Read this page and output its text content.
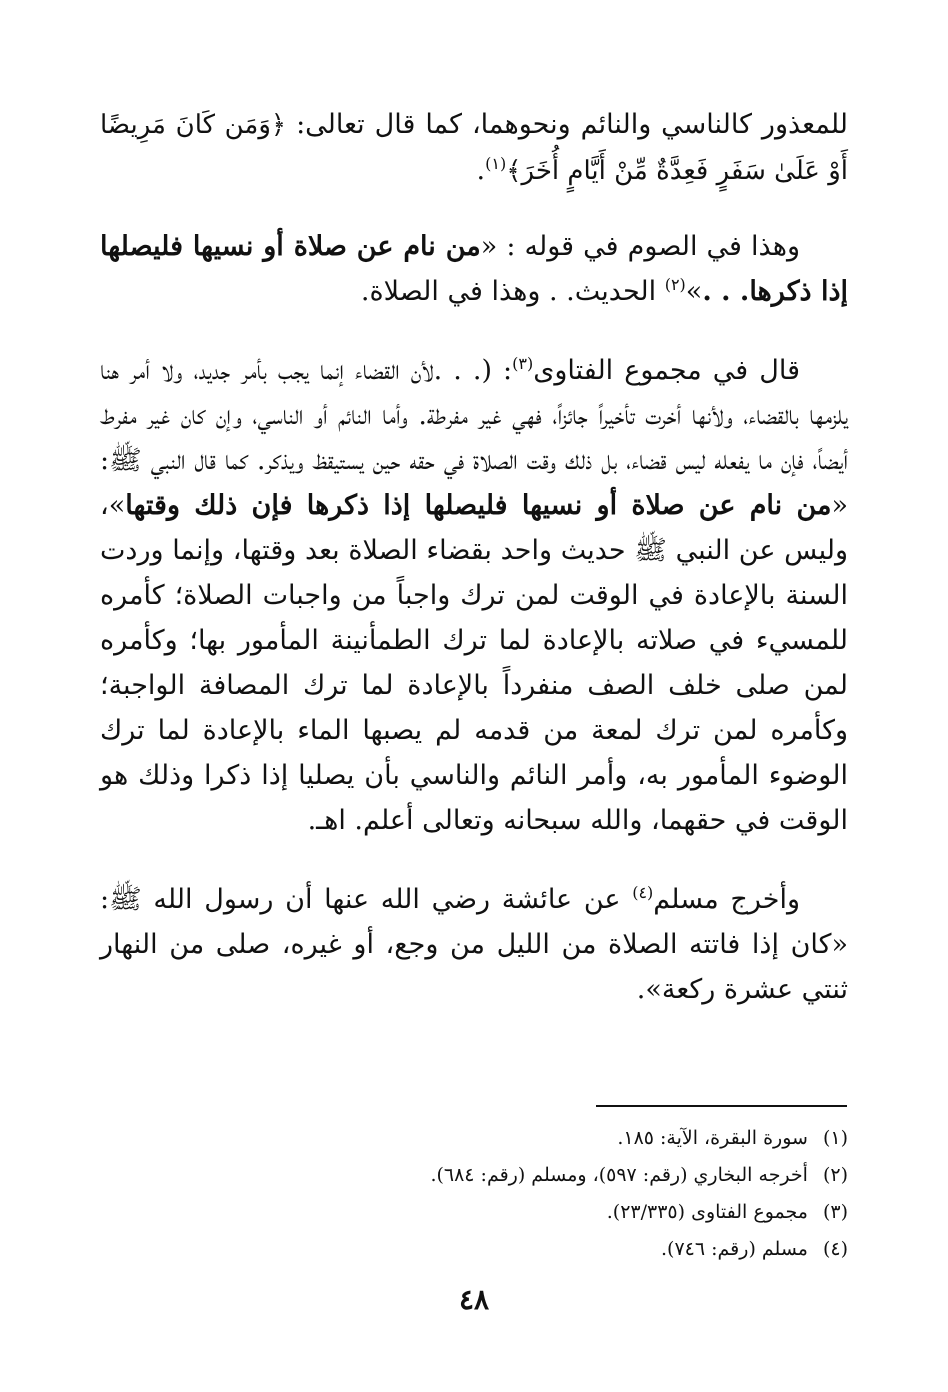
للمعذور كالناسي والنائم ونحوهما، كما قال تعالى: ﴿وَمَن كَانَ مَرِيضًا أَوْ عَلَىٰ سَفَرٍ فَعِدَّةٌ مِّنْ أَيَّامٍ أُخَرَ﴾$^{(١)}$.

وهذا في الصوم في قوله : «من نام عن صلاة أو نسيها فليصلها إذا ذكرها. . .»$^{(٢)}$ الحديث. . وهذا في الصلاة.

قال في مجموع الفتاوى$^{(٣)}$: (. . .لأن القضاء إنما يجب بأمر جديد، ولا أمر هنا يلزمها بالقضاء، ولأنها أخرت تأخيراً جائزاً، فهي غير مفرطة. وأما النائم أو الناسي، وإن كان غير مفرط أيضاً، فإن ما يفعله ليس قضاء، بل ذلك وقت الصلاة في حقه حين يستيقظ ويذكر. كما قال النبي ﷺ: «من نام عن صلاة أو نسيها فليصلها إذا ذكرها فإن ذلك وقتها»، وليس عن النبي ﷺ حديث واحد بقضاء الصلاة بعد وقتها، وإنما وردت السنة بالإعادة في الوقت لمن ترك واجباً من واجبات الصلاة؛ كأمره للمسيء في صلاته بالإعادة لما ترك الطمأنينة المأمور بها؛ وكأمره لمن صلى خلف الصف منفرداً بالإعادة لما ترك المصافة الواجبة؛ وكأمره لمن ترك لمعة من قدمه لم يصبها الماء بالإعادة لما ترك الوضوء المأمور به، وأمر النائم والناسي بأن يصليا إذا ذكرا وذلك هو الوقت في حقهما، والله سبحانه وتعالى أعلم. اهـ.

وأخرج مسلم$^{(٤)}$ عن عائشة رضي الله عنها أن رسول الله ﷺ: «كان إذا فاتته الصلاة من الليل من وجع، أو غيره، صلى من النهار ثنتي عشرة ركعة».

(١) سورة البقرة، الآية: ١٨٥.
(٢) أخرجه البخاري (رقم: ٥٩٧)، ومسلم (رقم: ٦٨٤).
(٣) مجموع الفتاوى (٢٣/٣٣٥).
(٤) مسلم (رقم: ٧٤٦).
٤٨
